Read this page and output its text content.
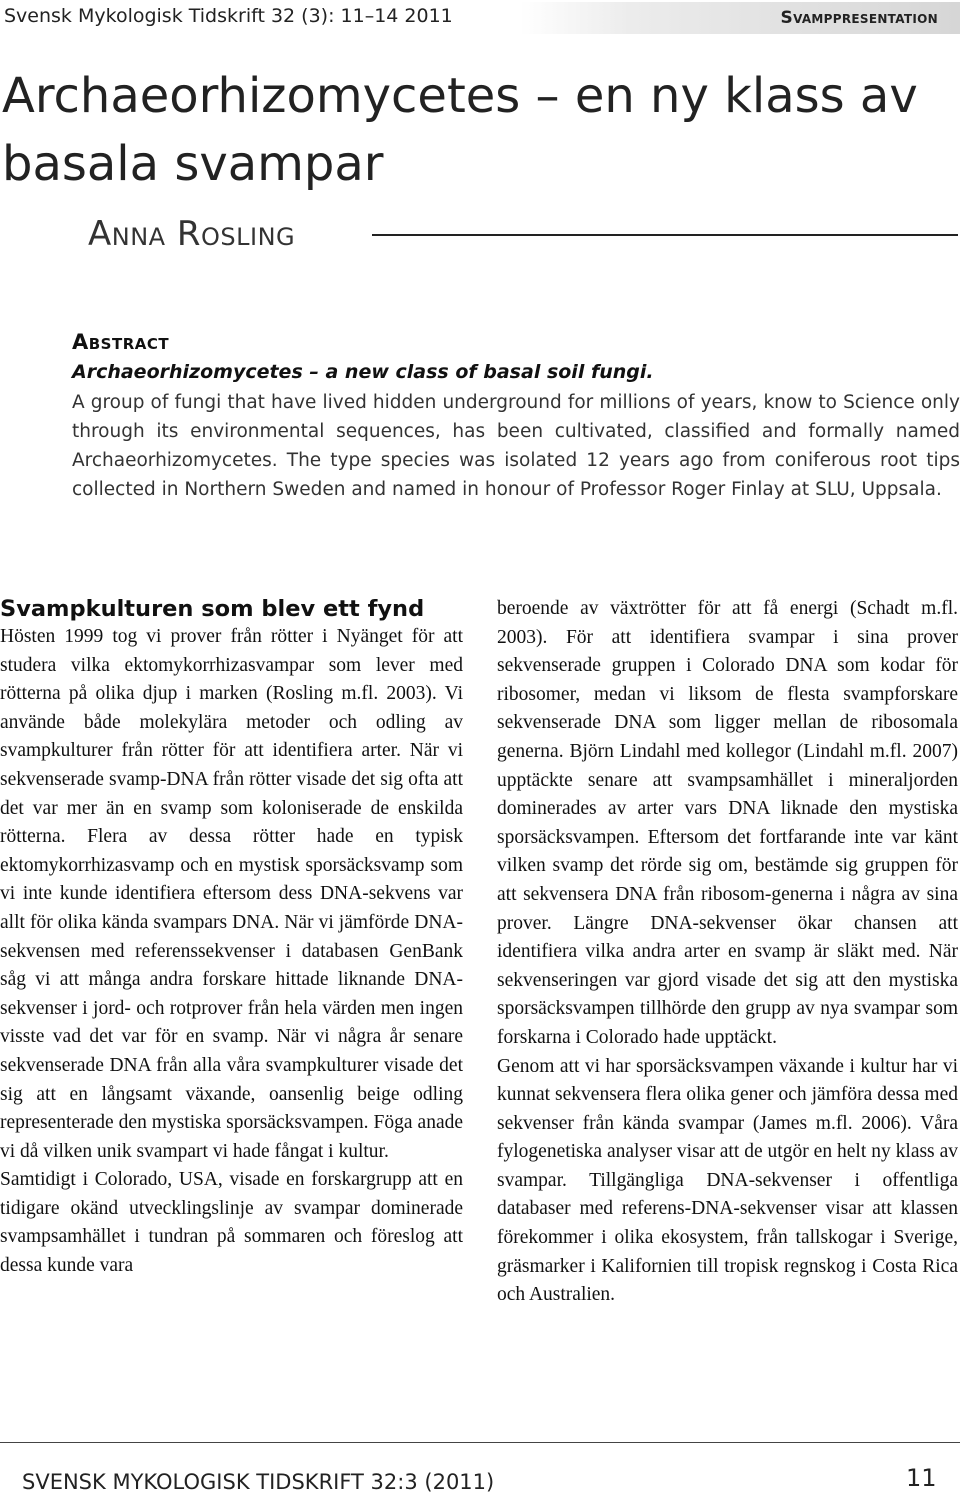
Svensk Mykologisk Tidskrift 32 (3): 11–14 2011	Svamppresentation
Archaeorhizomycetes – en ny klass av basala svampar
Anna Rosling
Abstract
Archaeorhizomycetes – a new class of basal soil fungi.

A group of fungi that have lived hidden underground for millions of years, know to Science only through its environmental sequences, has been cultivated, classified and formally named Archaeorhizomycetes. The type species was isolated 12 years ago from coniferous root tips collected in Northern Sweden and named in honour of Professor Roger Finlay at SLU, Uppsala.

Svampkulturen som blev ett fynd

Hösten 1999 tog vi prover från rötter i Nyänget för att studera vilka ektomykorrhizasvampar som lever med rötterna på olika djup i marken (Rosling m.fl. 2003). Vi använde både molekylära metoder och odling av svampkulturer från rötter för att identifiera arter. När vi sekvenserade svamp-DNA från rötter visade det sig ofta att det var mer än en svamp som koloniserade de enskilda rötterna. Flera av dessa rötter hade en typisk ektomykorrhizasvamp och en mystisk sporsäcksvamp som vi inte kunde identifiera eftersom dess DNA-sekvens var allt för olika kända svampars DNA. När vi jämförde DNA-sekvensen med referenssekvenser i databasen GenBank såg vi att många andra forskare hittade liknande DNA-sekvenser i jord- och rotprover från hela värden men ingen visste vad det var för en svamp. När vi några år senare sekvenserade DNA från alla våra svampkulturer visade det sig att en långsamt växande, oansenlig beige odling representerade den mystiska sporsäcksvampen. Föga anade vi då vilken unik svampart vi hade fångat i kultur.

Samtidigt i Colorado, USA, visade en forskargrupp att en tidigare okänd utvecklingslinje av svampar dominerade svampsamhället i tundran på sommaren och föreslog att dessa kunde vara

beroende av växtrötter för att få energi (Schadt m.fl. 2003). För att identifiera svampar i sina prover sekvenserade gruppen i Colorado DNA som kodar för ribosomer, medan vi liksom de flesta svampforskare sekvenserade DNA som ligger mellan de ribosomala generna. Björn Lindahl med kollegor (Lindahl m.fl. 2007) upptäckte senare att svampsamhället i mineraljorden dominerades av arter vars DNA liknade den mystiska sporsäcksvampen. Eftersom det fortfarande inte var känt vilken svamp det rörde sig om, bestämde sig gruppen för att sekvensera DNA från ribosom-generna i några av sina prover. Längre DNA-sekvenser ökar chansen att identifiera vilka andra arter en svamp är släkt med. När sekvenseringen var gjord visade det sig att den mystiska sporsäcksvampen tillhörde den grupp av nya svampar som forskarna i Colorado hade upptäckt.

Genom att vi har sporsäcksvampen växande i kultur har vi kunnat sekvensera flera olika gener och jämföra dessa med sekvenser från kända svampar (James m.fl. 2006). Våra fylogenetiska analyser visar att de utgör en helt ny klass av svampar. Tillgängliga DNA-sekvenser i offentliga databaser med referens-DNA-sekvenser visar att klassen förekommer i olika ekosystem, från tallskogar i Sverige, gräsmarker i Kalifornien till tropisk regnskog i Costa Rica och Australien.

SVENSK MYKOLOGISK TIDSKRIFT 32:3 (2011)	11
